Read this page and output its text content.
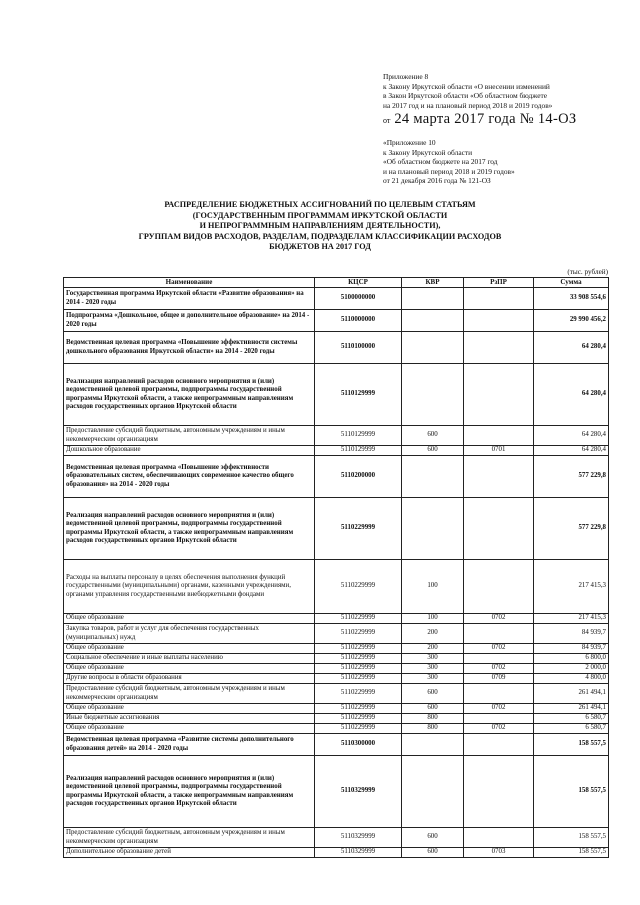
Приложение 8
к Закону Иркутской области «О внесении изменений
в Закон Иркутской области «Об областном бюджете
на 2017 год и на плановый период 2018 и 2019 годов»
от 24 марта 2017 года № 14-ОЗ
«Приложение 10
к Закону Иркутской области
«Об областном бюджете на 2017 год
и на плановый период 2018 и 2019 годов»
от 21 декабря 2016 года № 121-ОЗ
РАСПРЕДЕЛЕНИЕ БЮДЖЕТНЫХ АССИГНОВАНИЙ ПО ЦЕЛЕВЫМ СТАТЬЯМ
(ГОСУДАРСТВЕННЫМ ПРОГРАММАМ ИРКУТСКОЙ ОБЛАСТИ
И НЕПРОГРАММНЫМ НАПРАВЛЕНИЯМ ДЕЯТЕЛЬНОСТИ),
ГРУППАМ ВИДОВ РАСХОДОВ, РАЗДЕЛАМ, ПОДРАЗДЕЛАМ КЛАССИФИКАЦИИ РАСХОДОВ
БЮДЖЕТОВ НА 2017 ГОД
(тыс. рублей)
Наименование	КЦСР	КВР	РзПР	Сумма
Государственная программа Иркутской области «Развитие образования» на 2014 - 2020 годы	5100000000			33 908 554,6
Подпрограмма «Дошкольное, общее и дополнительное образование» на 2014 - 2020 годы	5110000000			29 990 456,2
Ведомственная целевая программа «Повышение эффективности системы дошкольного образования Иркутской области» на 2014 - 2020 годы	5110100000			64 280,4
Реализация направлений расходов основного мероприятия и (или) ведомственной целевой программы, подпрограммы государственной программы Иркутской области, а также непрограммным направлениям расходов государственных органов Иркутской области	5110129999			64 280,4
Предоставление субсидий бюджетным, автономным учреждениям и иным некоммерческим организациям	5110129999	600		64 280,4
Дошкольное образование	5110129999	600	0701	64 280,4
Ведомственная целевая программа «Повышение эффективности образовательных систем, обеспечивающих современное качество общего образования» на 2014 - 2020 годы	5110200000			577 229,8
Реализация направлений расходов основного мероприятия и (или) ведомственной целевой программы, подпрограммы государственной программы Иркутской области, а также непрограммным направлениям расходов государственных органов Иркутской области	5110229999			577 229,8
Расходы на выплаты персоналу в целях обеспечения выполнения функций государственными (муниципальными) органами, казенными учреждениями, органами управления государственными внебюджетными фондами	5110229999	100		217 415,3
Общее образование	5110229999	100	0702	217 415,3
Закупка товаров, работ и услуг для обеспечения государственных (муниципальных) нужд	5110229999	200		84 939,7
Общее образование	5110229999	200	0702	84 939,7
Социальное обеспечение и иные выплаты населению	5110229999	300		6 800,0
Общее образование	5110229999	300	0702	2 000,0
Другие вопросы в области образования	5110229999	300	0709	4 800,0
Предоставление субсидий бюджетным, автономным учреждениям и иным некоммерческим организациям	5110229999	600		261 494,1
Общее образование	5110229999	600	0702	261 494,1
Иные бюджетные ассигнования	5110229999	800		6 580,7
Общее образование	5110229999	800	0702	6 580,7
Ведомственная целевая программа «Развитие системы дополнительного образования детей» на 2014 - 2020 годы	5110300000			158 557,5
Реализация направлений расходов основного мероприятия и (или) ведомственной целевой программы, подпрограммы государственной программы Иркутской области, а также непрограммным направлениям расходов государственных органов Иркутской области	5110329999			158 557,5
Предоставление субсидий бюджетным, автономным учреждениям и иным некоммерческим организациям	5110329999	600		158 557,5
Дополнительное образование детей	5110329999	600	0703	158 557,5
